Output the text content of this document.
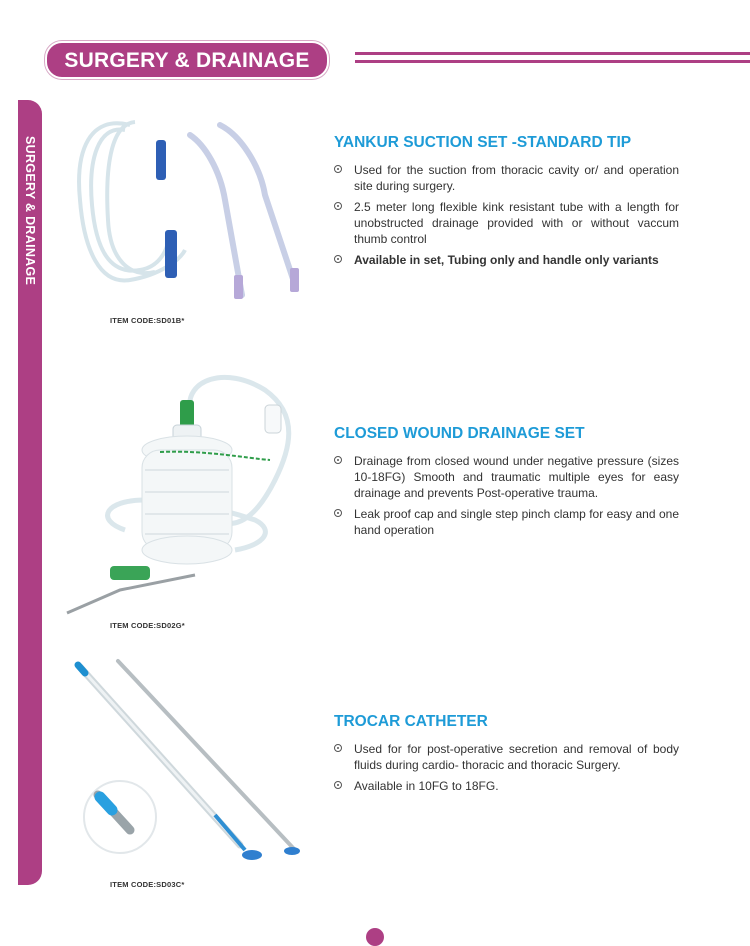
SURGERY & DRAINAGE
SURGERY & DRAINAGE
ITEM CODE:SD01B*
YANKUR SUCTION SET -STANDARD TIP
Used for the suction from thoracic cavity or/ and operation site during surgery.
2.5 meter long flexible kink resistant tube with a length for unobstructed drainage provided with or without vaccum thumb control
Available in set, Tubing only and handle only variants
ITEM CODE:SD02G*
CLOSED WOUND DRAINAGE SET
Drainage from closed wound under negative pressure (sizes 10-18FG) Smooth and traumatic multiple eyes for easy drainage and prevents Post-operative trauma.
Leak proof cap and single step pinch clamp for easy and one hand operation
ITEM CODE:SD03C*
TROCAR CATHETER
Used for for post-operative secretion and removal of body fluids during cardio- thoracic and thoracic Surgery.
Available in 10FG to 18FG.
